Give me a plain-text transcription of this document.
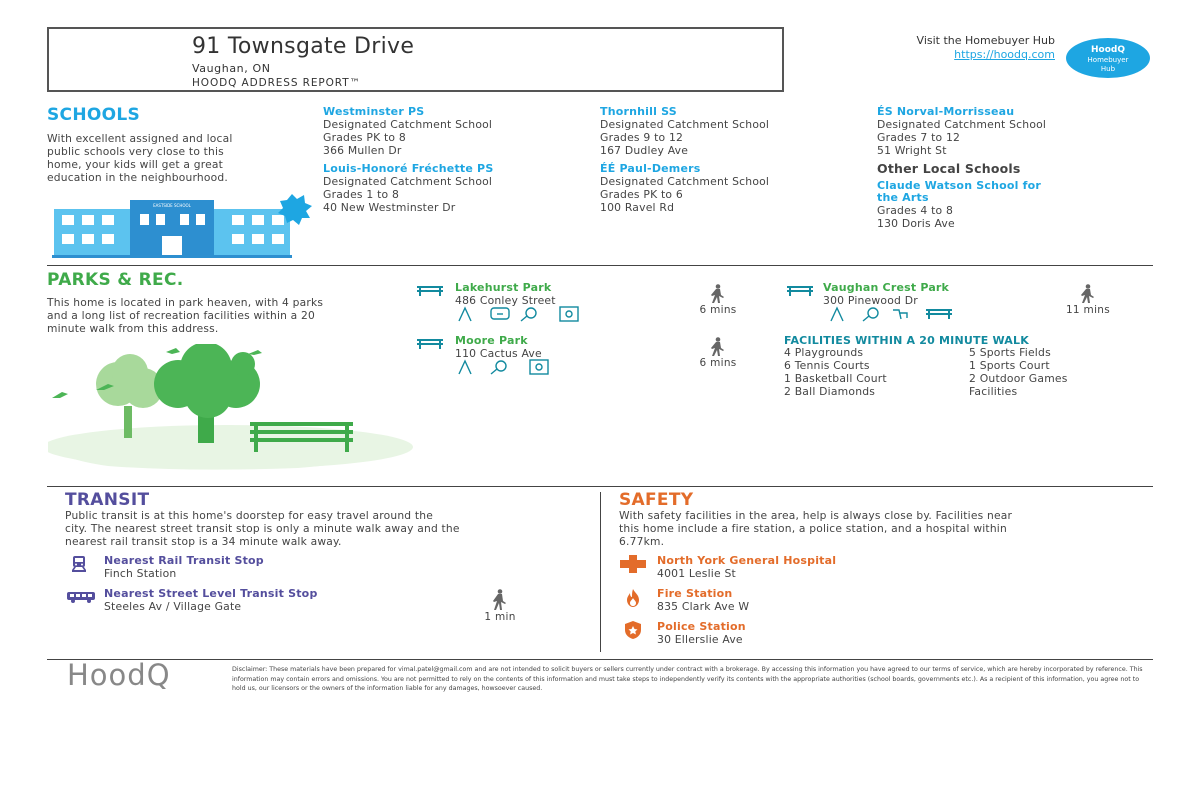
91 Townsgate Drive
Vaughan, ON
HOODQ ADDRESS REPORT™
Visit the Homebuyer Hub
https://hoodq.com	HoodQ
Homebuyer
Hub
SCHOOLS
With excellent assigned and local
public schools very close to this
home, your kids will get a great
education in the neighbourhood.
EASTSIDE SCHOOL
Westminster PS
Designated Catchment School
Grades PK to 8
366 Mullen Dr
Louis-Honoré Fréchette PS
Designated Catchment School
Grades 1 to 8
40 New Westminster Dr
Thornhill SS
Designated Catchment School
Grades 9 to 12
167 Dudley Ave
ÉÉ Paul-Demers
Designated Catchment School
Grades PK to 6
100 Ravel Rd
ÉS Norval-Morrisseau
Designated Catchment School
Grades 7 to 12
51 Wright St
Other Local Schools
Claude Watson School for
the Arts
Grades 4 to 8
130 Doris Ave
PARKS & REC.
This home is located in park heaven, with 4 parks
and a long list of recreation facilities within a 20
minute walk from this address.
Lakehurst Park
486 Conley Street
6 mins
Moore Park
110 Cactus Ave
6 mins
Vaughan Crest Park
300 Pinewood Dr
11 mins
FACILITIES WITHIN A 20 MINUTE WALK
4 Playgrounds
6 Tennis Courts
1 Basketball Court
2 Ball Diamonds
5 Sports Fields
1 Sports Court
2 Outdoor Games
Facilities
TRANSIT
Public transit is at this home's doorstep for easy travel around the
city. The nearest street transit stop is only a minute walk away and the
nearest rail transit stop is a 34 minute walk away.
Nearest Rail Transit Stop
Finch Station
Nearest Street Level Transit Stop
Steeles Av / Village Gate
1 min
SAFETY
With safety facilities in the area, help is always close by. Facilities near
this home include a fire station, a police station, and a hospital within
6.77km.
North York General Hospital
4001 Leslie St
Fire Station
835 Clark Ave W
Police Station
30 Ellerslie Ave
HoodQ	Disclaimer: These materials have been prepared for vimal.patel@gmail.com and are not intended to solicit buyers or sellers currently under contract with a brokerage. By accessing this information you have agreed to our terms of service, which are hereby incorporated by reference. This information may contain errors and omissions. You are not permitted to rely on the contents of this information and must take steps to independently verify its contents with the appropriate authorities (school boards, governments etc.). As a recipient of this information, you agree not to hold us, our licensors or the owners of the information liable for any damages, howsoever caused.
